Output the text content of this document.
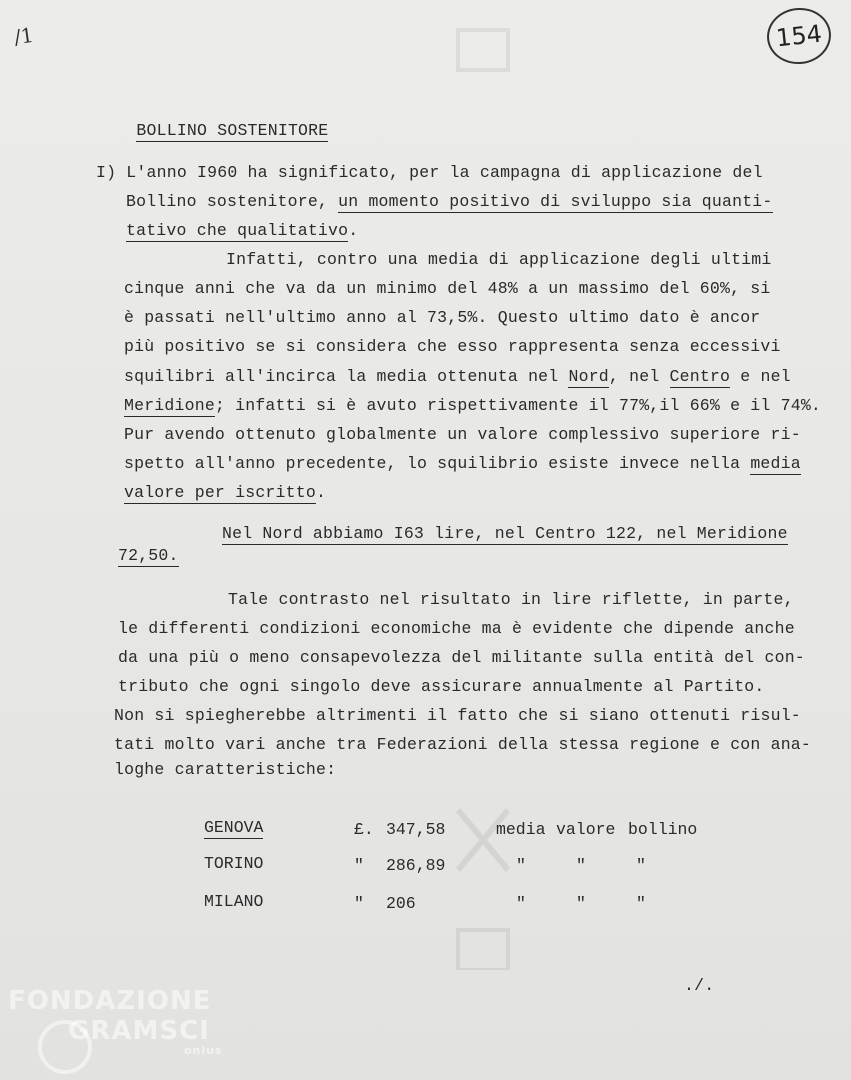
/1	154

BOLLINO SOSTENITORE

I) L'anno I960 ha significato, per la campagna di applicazione del
Bollino sostenitore, un momento positivo di sviluppo sia quanti-
tativo che qualitativo.
Infatti, contro una media di applicazione degli ultimi
cinque anni che va da un minimo del 48% a un massimo del 60%, si
è passati nell'ultimo anno al 73,5%. Questo ultimo dato è ancor
più positivo se si considera che esso rappresenta senza eccessivi
squilibri all'incirca la media ottenuta nel Nord, nel Centro e nel
Meridione; infatti si è avuto rispettivamente il 77%,il 66% e il 74%.
Pur avendo ottenuto globalmente un valore complessivo superiore ri-
spetto all'anno precedente, lo squilibrio esiste invece nella media
valore per iscritto.
Nel Nord abbiamo I63 lire, nel Centro 122, nel Meridione
72,50.
Tale contrasto nel risultato in lire riflette, in parte,
le differenti condizioni economiche ma è evidente che dipende anche
da una più o meno consapevolezza del militante sulla entità del con-
tributo che ogni singolo deve assicurare annualmente al Partito.
Non si spiegherebbe altrimenti il fatto che si siano ottenuti risul-
tati molto vari anche tra Federazioni della stessa regione e con ana-
loghe caratteristiche:
GENOVA	£. 347,58	media valore bollino
TORINO	" 286,89	"	"	"
MILANO	" 206	"	"	"
./.
FONDAZIONE
GRAMSCI
onlus
